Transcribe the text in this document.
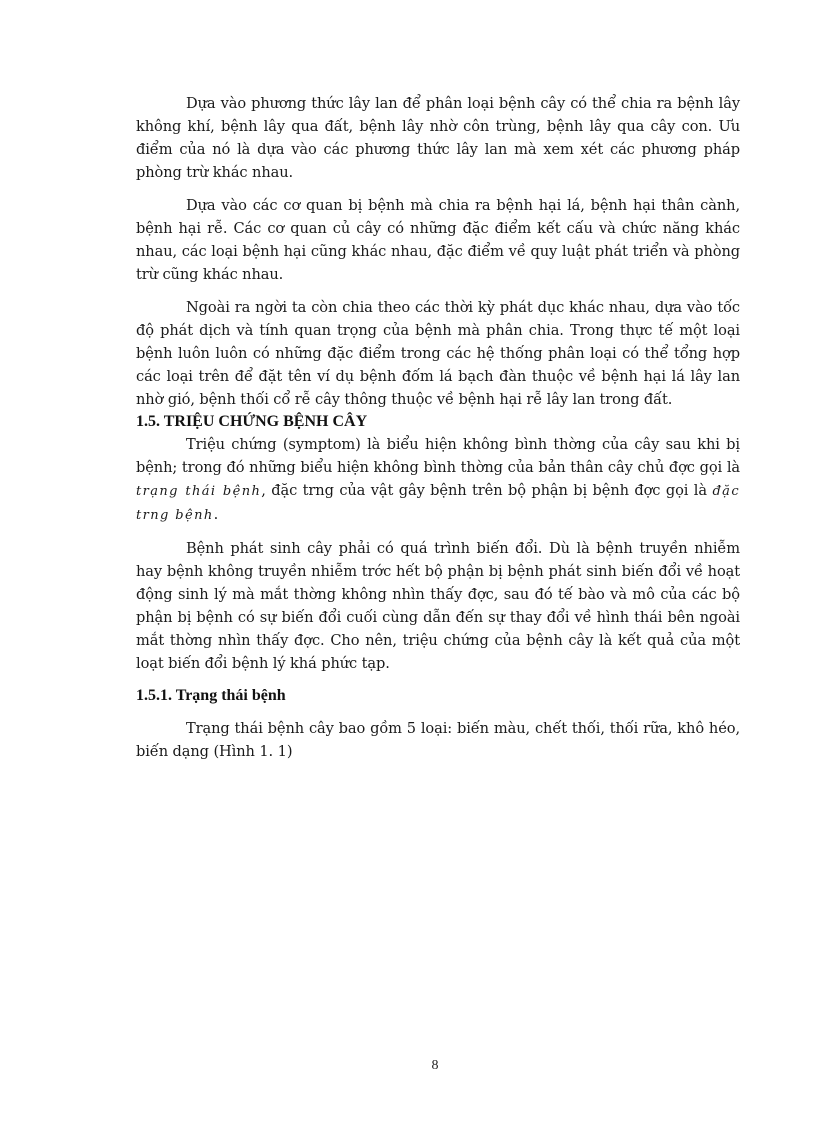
Dựa vào phương thức lây lan để phân loại bệnh cây có thể chia ra bệnh lây không khí, bệnh lây qua đất, bệnh lây nhờ côn trùng, bệnh lây qua cây con. Ưu điểm của nó là dựa vào các phương thức lây lan mà xem xét các phương pháp phòng trừ khác nhau.

Dựa vào các cơ quan bị bệnh mà chia ra bệnh hại lá, bệnh hại thân cành, bệnh hại rễ. Các cơ quan củ cây có những đặc điểm kết cấu và chức năng khác nhau, các loại bệnh hại cũng khác nhau, đặc điểm về quy luật phát triển và phòng trừ cũng khác nhau.

Ngoài ra ngời ta còn chia theo các thời kỳ phát dục khác nhau, dựa vào tốc độ phát dịch và tính quan trọng của bệnh mà phân chia. Trong thực tế một loại bệnh luôn luôn có những đặc điểm trong các hệ thống phân loại có thể tổng hợp các loại trên để đặt tên ví dụ bệnh đốm lá bạch đàn thuộc về bệnh hại lá lây lan nhờ gió, bệnh thối cổ rễ cây thông thuộc về bệnh hại rễ lây lan trong đất.

1.5. TRIỆU CHỨNG BỆNH CÂY

Triệu chứng (symptom) là biểu hiện không bình thờng của cây sau khi bị bệnh; trong đó những biểu hiện không bình thờng của bản thân cây chủ đợc gọi là trạng thái bệnh, đặc trng của vật gây bệnh trên bộ phận bị bệnh đợc gọi là đặc trng bệnh.

Bệnh phát sinh cây phải có quá trình biến đổi. Dù là bệnh truyền nhiễm hay bệnh không truyền nhiễm trớc hết bộ phận bị bệnh phát sinh biến đổi về hoạt động sinh lý mà mắt thờng không nhìn thấy đợc, sau đó tế bào và mô của các bộ phận bị bệnh có sự biến đổi cuối cùng dẫn đến sự thay đổi về hình thái bên ngoài mắt thờng nhìn thấy đợc. Cho nên, triệu chứng của bệnh cây là kết quả của một loạt biến đổi bệnh lý khá phức tạp.

1.5.1. Trạng thái bệnh

Trạng thái bệnh cây bao gồm 5 loại: biến màu, chết thối, thối rữa, khô héo, biến dạng (Hình 1. 1)

8
